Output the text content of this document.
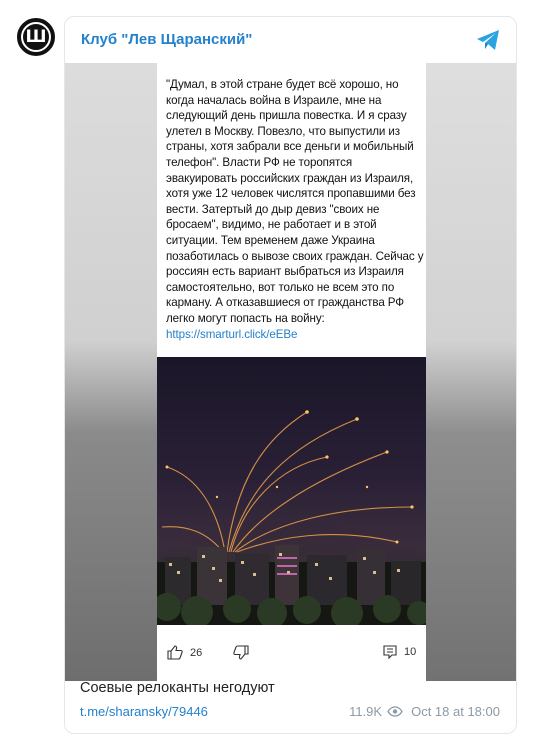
Ш	Клуб "Лев Щаранский"
"Думал, в этой стране будет всё хорошо, но когда началась война в Израиле, мне на следующий день пришла повестка. И я сразу улетел в Москву. Повезло, что выпустили из страны, хотя забрали все деньги и мобильный телефон". Власти РФ не торопятся эвакуировать российских граждан из Израиля, хотя уже 12 человек числятся пропавшими без вести. Затертый до дыр девиз "своих не бросаем", видимо, не работает и в этой ситуации. Тем временем даже Украина позаботилась о вывозе своих граждан. Сейчас у россиян есть вариант выбраться из Израиля самостоятельно, вот только не всем это по карману. А отказавшиеся от гражданства РФ легко могут попасть на войну:
https://smarturl.click/eEBe
26	10
Соевые релоканты негодуют
t.me/sharansky/79446	11.9K Oct 18 at 18:00
